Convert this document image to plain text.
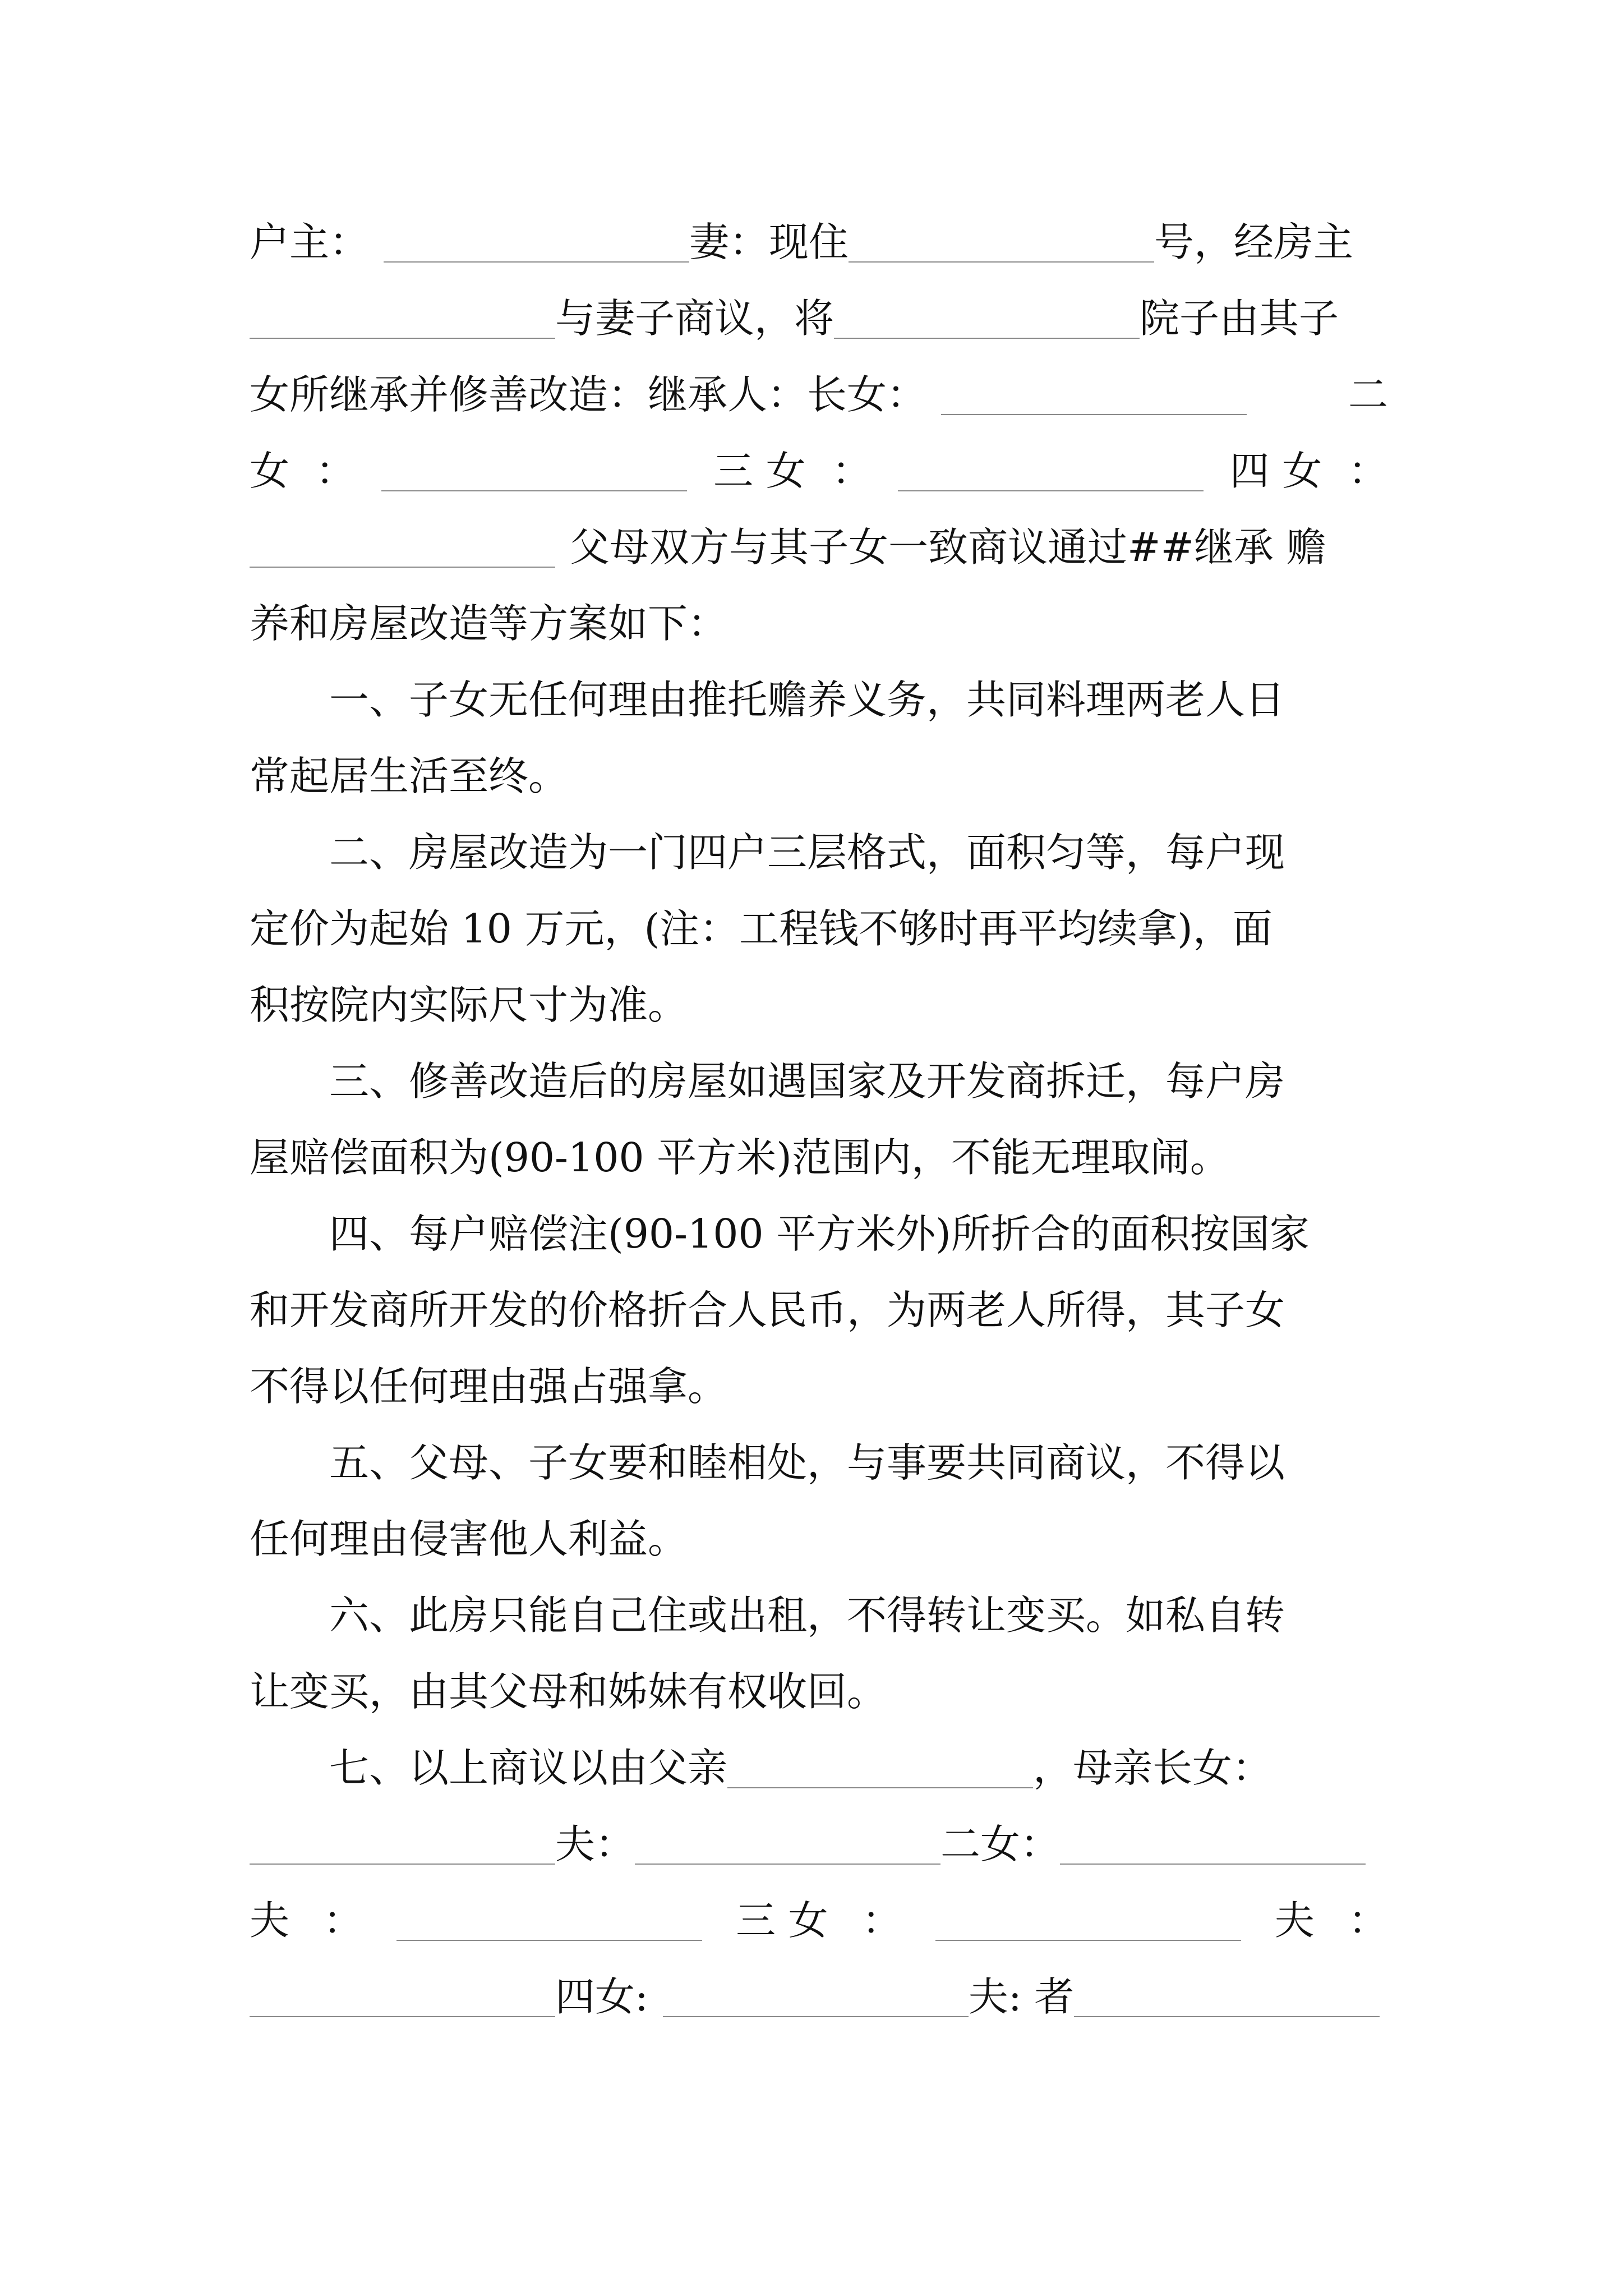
户主：	妻：现住	号，经房主
与妻子商议，将	院子由其子
女所继承并修善改造：继承人：长女：	二
女 ：	三 女 ：	四 女 ：
父母双方与其子女一致商议通过##继承 赡
养和房屋改造等方案如下：
一、子女无任何理由推托赡养义务，共同料理两老人日
常起居生活至终。
二、房屋改造为一门四户三层格式，面积匀等，每户现
定价为起始 10 万元，(注：工程钱不够时再平均续拿)，面
积按院内实际尺寸为准。
三、修善改造后的房屋如遇国家及开发商拆迁，每户房
屋赔偿面积为(90-100 平方米)范围内，不能无理取闹。
四、每户赔偿注(90-100 平方米外)所折合的面积按国家
和开发商所开发的价格折合人民币，为两老人所得，其子女
不得以任何理由强占强拿。
五、父母、子女要和睦相处，与事要共同商议，不得以
任何理由侵害他人利益。
六、此房只能自己住或出租，不得转让变买。如私自转
让变买，由其父母和姊妹有权收回。
七、以上商议以由父亲	，母亲长女：
夫：	二女：
夫 ：	三 女 ：	夫 ：
四女:	夫: 者
